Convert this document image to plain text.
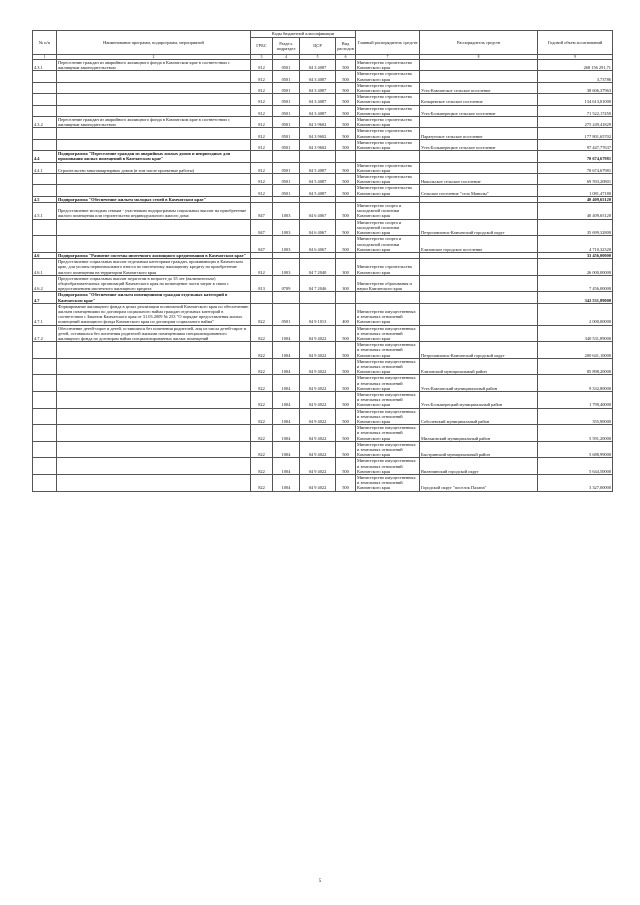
№ п/п	Наименование программ, подпрограмм, мероприятий	Коды бюджетной классификации				Главный распорядитель средств	Распорядитель средств	Годовой объем ассигнований
		ГРБС	Раздел, подраздел	ЦСР	Вид расходов			
1	2	3	4	5	6	7	8	9
4.3.1	Переселение граждан из аварийного жилищного фонда в Камчатском крае в соответствии с жилищным законодательством	812	0501	04 3 4087	500	Министерство строительства Камчатского края		268 156 291,71
		812	0501	04 3 4087	500	Министерство строительства Камчатского края		3,73786
		812	0501	04 3 4087	500	Министерство строительства Камчатского края	Усть-Камчатское сельское поселение	38 606,37963
		812	0501	04 3 4087	500	Министерство строительства Камчатского края	Козыревское сельское поселение	134 613,01000
		812	0501	04 3 4087	500	Министерство строительства Камчатского края	Усть-Большерецкое сельское поселение	71 522,17450
4.3.2	Переселение граждан из аварийного жилищного фонда в Камчатском крае в соответствии с жилищным законодательством	812	0501	04 3 9602	500	Министерство строительства Камчатского края		275 249,41829
		812	0501	04 3 9602	500	Министерство строительства Камчатского края	Паратунское сельское поселение	177 801,65702
		812	0501	04 3 9602	500	Министерство строительства Камчатского края	Усть-Большерецкое сельское поселение	97 447,77637
4.4	Подпрограмма "Переселение граждан из аварийных жилых домов и непригодных для проживания жилых помещений в Камчатском крае"							70 674,67981
4.4.1	Строительство многоквартирных домов (в том числе проектные работы)	812	0501	04 5 4087	500	Министерство строительства Камчатского края		70 674,67981
		812	0501	04 5 4087	500	Министерство строительства Камчатского края	Никольское сельское поселение	69 593,20801
		812	0501	04 5 4087	500	Министерство строительства Камчатского края	Сельское поселение "село Манилы"	1 081,47180
4.5	Подпрограмма "Обеспечение жильем молодых семей в Камчатском крае"							40 409,65120
4.5.1	Предоставление молодым семьям - участникам подпрограммы социальных выплат на приобретение жилого помещения или строительство индивидуального жилого дома	847	1003	04 6 4067	500	Министерство спорта и молодежной политики Камчатского края		40 409,65120
		847	1003	04 6 4067	500	Министерство спорта и молодежной политики Камчатского края	Петропавловск-Камчатский городской округ	35 699,32800
		847	1003	04 6 4067	500	Министерство спорта и молодежной политики Камчатского края	Елизовское городское поселение	4 710,32320
4.6	Подпрограмма "Развитие системы ипотечного жилищного кредитования в Камчатском крае"							33 456,00000
4.6.1	Предоставление социальных выплат отдельным категориям граждан, проживающих в Камчатском крае, для уплаты первоначального взноса по ипотечному жилищному кредиту на приобретение жилого помещения на территории Камчатского края	812	1003	04 7 2040	300	Министерство строительства Камчатского края		26 000,00000
4.6.2	Предоставление социальных выплат педагогам в возрасте до 35 лет (включительно) общеобразовательных организаций Камчатского края на возмещение части затрат в связи с предоставлением ипотечного жилищного кредита	813	0709	04 7 2046	300	Министерство образования и науки Камчатского края		7 456,00000
4.7	Подпрограмма "Обеспечение жильем помещениями граждан отдельных категорий в Камчатском крае"							342 531,89000
4.7.1	Формирование жилищного фонда в целях реализации полномочий Камчатского края по обеспечению жильем помещениями по договорам социального найма граждан отдельных категорий в соответствии с Законом Камчатского края от 31.03.2009 № 253 "О порядке предоставления жилых помещений жилищного фонда Камчатского края по договорам социального найма"	822	0501	04 9 1013	400	Министерство имущественных и земельных отношений Камчатского края		2 000,00000
4.7.2	Обеспечение детей-сирот и детей, оставшихся без попечения родителей, лиц из числа детей-сирот и детей, оставшихся без попечения родителей жилыми помещениями специализированного жилищного фонда по договорам найма специализированных жилых помещений	822	1004	04 9 4022	500	Министерство имущественных и земельных отношений Камчатского края		340 531,89000
		822	1004	04 9 4022	500	Министерство имущественных и земельных отношений Камчатского края	Петропавловск-Камчатский городской округ	200 641,10000
		822	1004	04 9 4022	500	Министерство имущественных и земельных отношений Камчатского края	Елизовский муниципальный район	85 898,20000
		822	1004	04 9 4022	500	Министерство имущественных и земельных отношений Камчатского края	Усть-Камчатский муниципальный район	9 332,80000
		822	1004	04 9 4022	500	Министерство имущественных и земельных отношений Камчатского края	Усть-Большерецкий муниципальный район	1 799,40000
		822	1004	04 9 4022	500	Министерство имущественных и земельных отношений Камчатского края	Соболевский муниципальный район	355,90000
		822	1004	04 9 4022	500	Министерство имущественных и земельных отношений Камчатского края	Мильковский муниципальный район	5 591,20000
		822	1004	04 9 4022	500	Министерство имущественных и земельных отношений Камчатского края	Быстринский муниципальный район	5 688,99000
		822	1004	04 9 4022	500	Министерство имущественных и земельных отношений Камчатского края	Вилючинский городской округ	5 644,50000
		822	1004	04 9 4022	500	Министерство имущественных и земельных отношений Камчатского края	Городской округ "поселок Палана"	3 327,00000
5
